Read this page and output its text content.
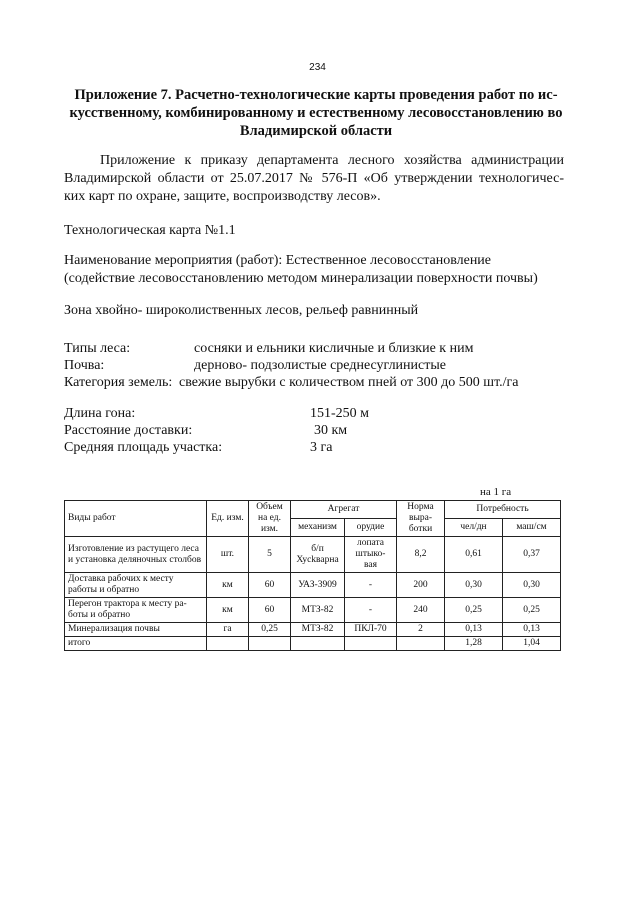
234
Приложение 7. Расчетно-технологические карты проведения работ по ис-
кусственному, комбинированному и естественному лесовосстановлению во
Владимирской области
Приложение к приказу департамента лесного хозяйства администрации
Владимирской области от 25.07.2017 № 576-П «Об утверждении технологичес-
ких карт по охране, защите, воспроизводству лесов».
Технологическая карта №1.1
Наименование мероприятия (работ): Естественное лесовосстановление
(содействие лесовосстановлению методом минерализации поверхности почвы)
Зона хвойно- широколиственных лесов, рельеф равнинный
Типы леса:	сосняки и ельники кисличные и близкие к ним
Почва:	дерново- подзолистые среднесуглинистые
Категория земель: свежие вырубки с количеством пней от 300 до 500 шт./га
Длина гона:	151-250 м
Расстояние доставки:	30 км
Средняя площадь участка:	3 га
на 1 га
Виды работ	Ед. изм.	Объем на ед. изм.	Агрегат		Норма выра- ботки	Потребность	
			механизм	орудие		чел/дн	маш/см
Изготовление из растущего леса и установка деляночных столбов	шт.	5	б/п Хусkварна	лопата штыко- вая	8,2	0,61	0,37
Доставка рабочих к месту работы и обратно	км	60	УАЗ-3909	-	200	0,30	0,30
Перегон трактора к месту ра- боты и обратно	км	60	МТЗ-82	-	240	0,25	0,25
Минерализация почвы	га	0,25	МТЗ-82	ПКЛ-70	2	0,13	0,13
итого						1,28	1,04
